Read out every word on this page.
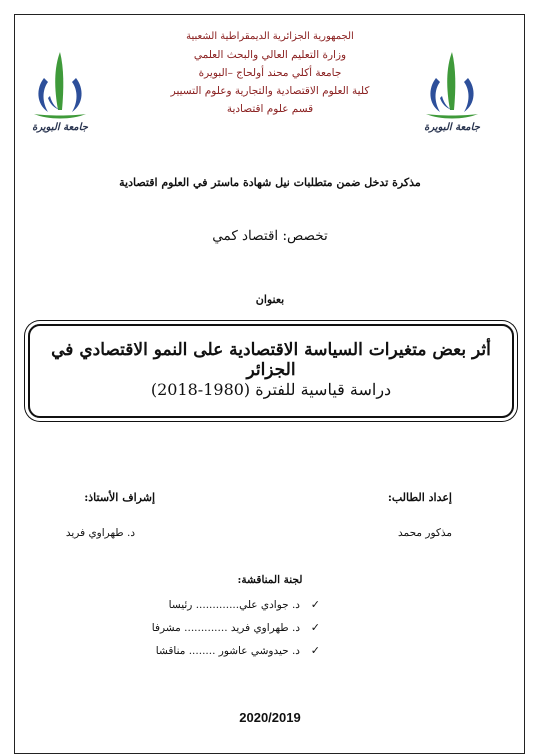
جامعة البويرة	جامعة البويرة
الجمهورية الجزائرية الديمقراطية الشعبية
وزارة التعليم العالي والبحث العلمي
جامعة أكلي محند أولحاج –البويرة
كلية العلوم الاقتصادية والتجارية وعلوم التسيير
قسم علوم اقتصادية
مذكرة تدخل ضمن متطلبات نيل شهادة ماستر في العلوم اقتصادية
تخصص: اقتصاد كمي
بعنوان
أثر بعض متغيرات السياسة الاقتصادية على النمو الاقتصادي في الجزائر
دراسة قياسية للفترة (1980-2018)
إعداد الطالب:
مذكور محمد
إشراف الأستاذ:
د. طهراوي فريد
لجنة المناقشة:
✓د. جوادي علي............. رئيسا
✓د. طهراوي فريد ............. مشرفا
✓د. حيدوشي عاشور ........ مناقشا
2020/2019
